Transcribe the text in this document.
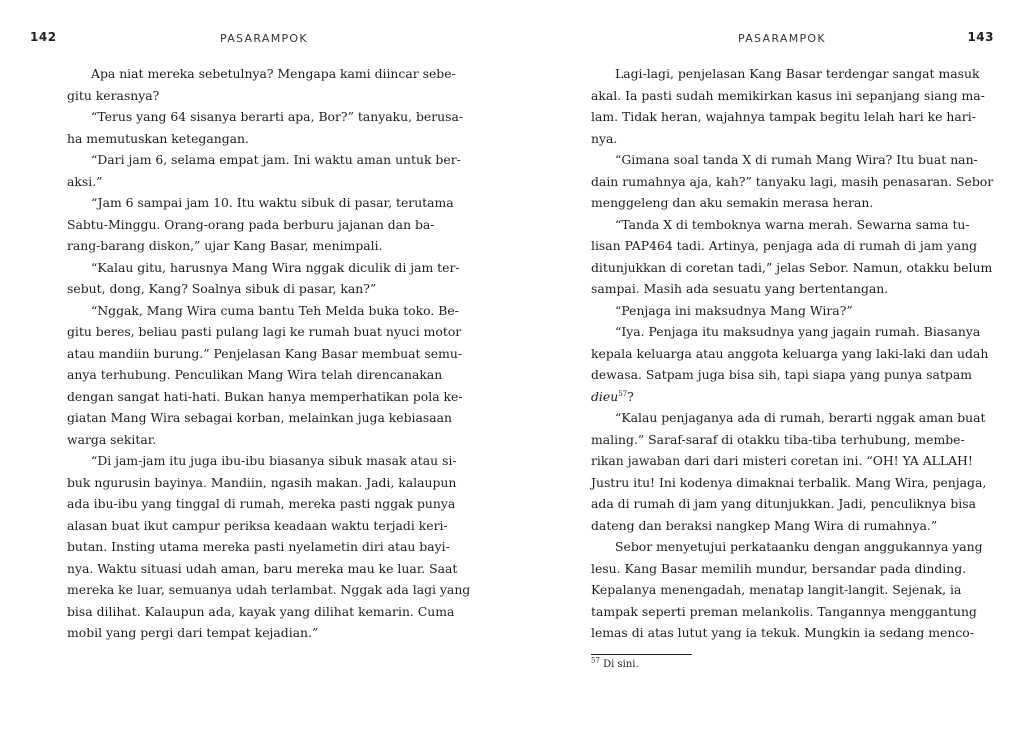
142	PASARAMPOK
Apa niat mereka sebetulnya? Mengapa kami diincar sebe-
gitu kerasnya?
“Terus yang 64 sisanya berarti apa, Bor?” tanyaku, berusa-
ha memutuskan ketegangan.
“Dari jam 6, selama empat jam. Ini waktu aman untuk ber-
aksi.”
“Jam 6 sampai jam 10. Itu waktu sibuk di pasar, terutama
Sabtu-Minggu. Orang-orang pada berburu jajanan dan ba-
rang-barang diskon,” ujar Kang Basar, menimpali.
“Kalau gitu, harusnya Mang Wira nggak diculik di jam ter-
sebut, dong, Kang? Soalnya sibuk di pasar, kan?”
“Nggak, Mang Wira cuma bantu Teh Melda buka toko. Be-
gitu beres, beliau pasti pulang lagi ke rumah buat nyuci motor
atau mandiin burung.” Penjelasan Kang Basar membuat semu-
anya terhubung. Penculikan Mang Wira telah direncanakan
dengan sangat hati-hati. Bukan hanya memperhatikan pola ke-
giatan Mang Wira sebagai korban, melainkan juga kebiasaan
warga sekitar.
“Di jam-jam itu juga ibu-ibu biasanya sibuk masak atau si-
buk ngurusin bayinya. Mandiin, ngasih makan. Jadi, kalaupun
ada ibu-ibu yang tinggal di rumah, mereka pasti nggak punya
alasan buat ikut campur periksa keadaan waktu terjadi keri-
butan. Insting utama mereka pasti nyelametin diri atau bayi-
nya. Waktu situasi udah aman, baru mereka mau ke luar. Saat
mereka ke luar, semuanya udah terlambat. Nggak ada lagi yang
bisa dilihat. Kalaupun ada, kayak yang dilihat kemarin. Cuma
mobil yang pergi dari tempat kejadian.”
143
PASARAMPOK
Lagi-lagi, penjelasan Kang Basar terdengar sangat masuk
akal. Ia pasti sudah memikirkan kasus ini sepanjang siang ma-
lam. Tidak heran, wajahnya tampak begitu lelah hari ke hari-
nya.
“Gimana soal tanda X di rumah Mang Wira? Itu buat nan-
dain rumahnya aja, kah?” tanyaku lagi, masih penasaran. Sebor
menggeleng dan aku semakin merasa heran.
“Tanda X di temboknya warna merah. Sewarna sama tu-
lisan PAP464 tadi. Artinya, penjaga ada di rumah di jam yang
ditunjukkan di coretan tadi,” jelas Sebor. Namun, otakku belum
sampai. Masih ada sesuatu yang bertentangan.
“Penjaga ini maksudnya Mang Wira?”
“Iya. Penjaga itu maksudnya yang jagain rumah. Biasanya
kepala keluarga atau anggota keluarga yang laki-laki dan udah
dewasa. Satpam juga bisa sih, tapi siapa yang punya satpam
dieu$^{57}$?
“Kalau penjaganya ada di rumah, berarti nggak aman buat
maling.” Saraf-saraf di otakku tiba-tiba terhubung, membe-
rikan jawaban dari dari misteri coretan ini. “OH! YA ALLAH!
Justru itu! Ini kodenya dimaknai terbalik. Mang Wira, penjaga,
ada di rumah di jam yang ditunjukkan. Jadi, penculiknya bisa
dateng dan beraksi nangkep Mang Wira di rumahnya.”
Sebor menyetujui perkataanku dengan anggukannya yang
lesu. Kang Basar memilih mundur, bersandar pada dinding.
Kepalanya menengadah, menatap langit-langit. Sejenak, ia
tampak seperti preman melankolis. Tangannya menggantung
lemas di atas lutut yang ia tekuk. Mungkin ia sedang menco-
$^{57}$ Di sini.
